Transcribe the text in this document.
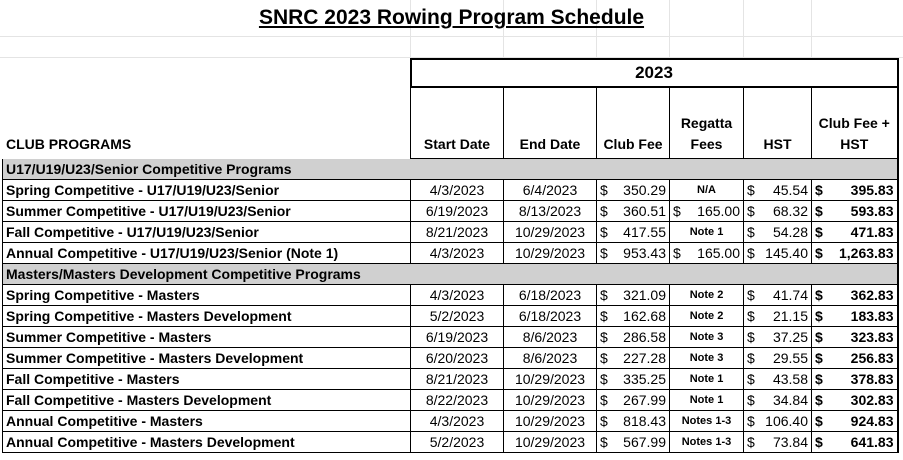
SNRC 2023 Rowing Program Schedule
	2023					
CLUB PROGRAMS	Start Date	End Date	Club Fee	Regatta Fees	HST	Club Fee + HST
U17/U19/U23/Senior Competitive Programs						
Spring Competitive - U17/U19/U23/Senior	4/3/2023	6/4/2023	$ 350.29	N/A	$ 45.54	$ 395.83

Summer Competitive - U17/U19/U23/Senior	6/19/2023	8/13/2023	$ 360.51	$ 165.00	$ 68.32	$ 593.83

Fall Competitive - U17/U19/U23/Senior	8/21/2023	10/29/2023	$ 417.55	Note 1	$ 54.28	$ 471.83

Annual Competitive - U17/U19/U23/Senior (Note 1)	4/3/2023	10/29/2023	$ 953.43	$ 165.00	$ 145.40	$ 1,263.83

Masters/Masters Development Competitive Programs						
Spring Competitive - Masters	4/3/2023	6/18/2023	$ 321.09	Note 2	$ 41.74	$ 362.83

Spring Competitive - Masters Development	5/2/2023	6/18/2023	$ 162.68	Note 2	$ 21.15	$ 183.83

Summer Competitive - Masters	6/19/2023	8/6/2023	$ 286.58	Note 3	$ 37.25	$ 323.83

Summer Competitive - Masters Development	6/20/2023	8/6/2023	$ 227.28	Note 3	$ 29.55	$ 256.83

Fall Competitive - Masters	8/21/2023	10/29/2023	$ 335.25	Note 1	$ 43.58	$ 378.83

Fall Competitive - Masters Development	8/22/2023	10/29/2023	$ 267.99	Note 1	$ 34.84	$ 302.83

Annual Competitive - Masters	4/3/2023	10/29/2023	$ 818.43	Notes 1-3	$ 106.40	$ 924.83

Annual Competitive - Masters Development	5/2/2023	10/29/2023	$ 567.99	Notes 1-3	$ 73.84	$ 641.83
